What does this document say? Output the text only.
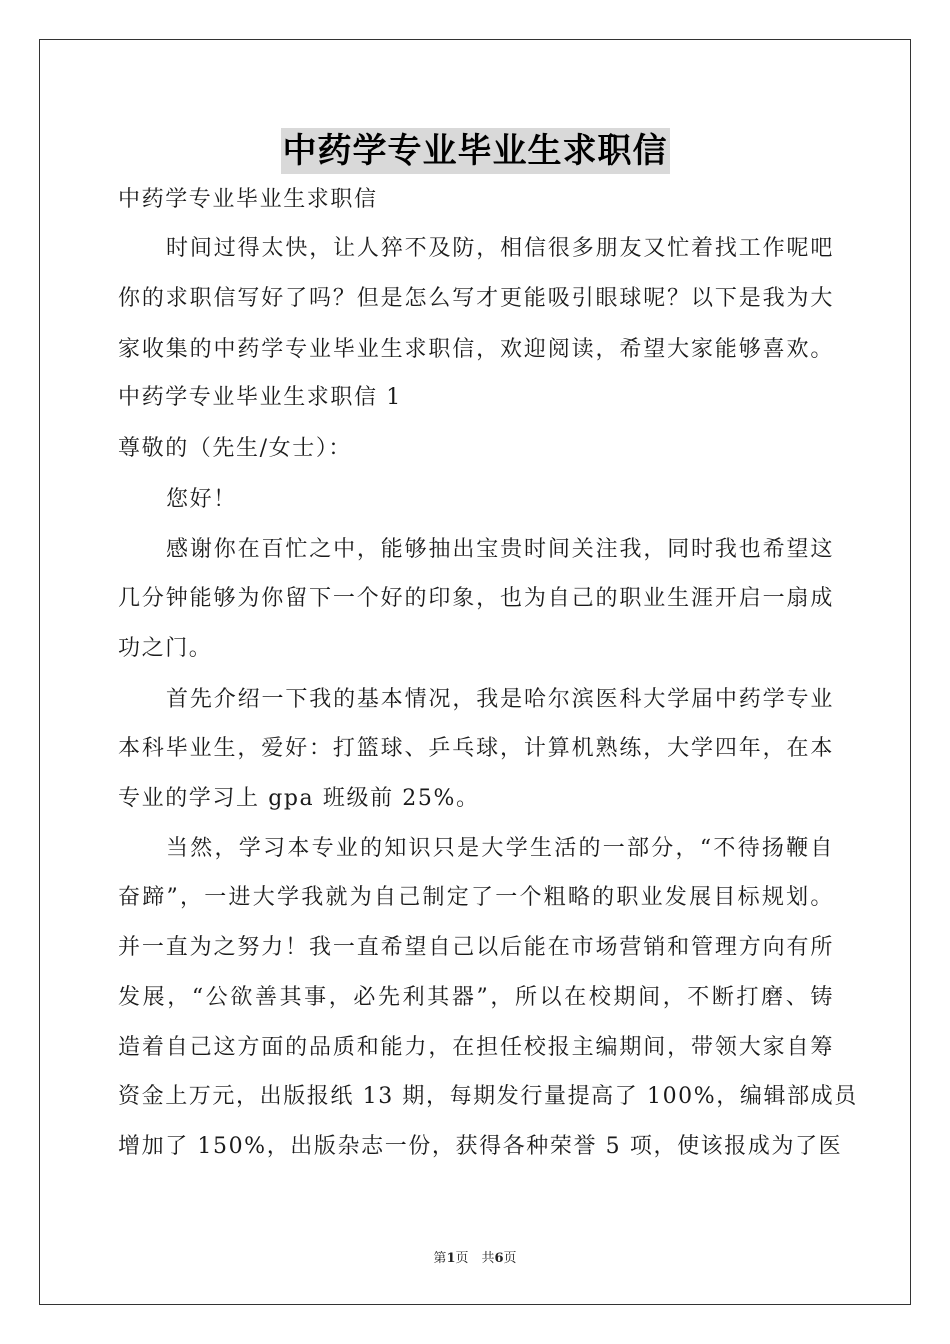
中药学专业毕业生求职信
中药学专业毕业生求职信
时间过得太快，让人猝不及防，相信很多朋友又忙着找工作呢吧
你的求职信写好了吗？但是怎么写才更能吸引眼球呢？以下是我为大
家收集的中药学专业毕业生求职信，欢迎阅读，希望大家能够喜欢。
中药学专业毕业生求职信 1
尊敬的（先生/女士）：
您好！
感谢你在百忙之中，能够抽出宝贵时间关注我，同时我也希望这
几分钟能够为你留下一个好的印象，也为自己的职业生涯开启一扇成
功之门。
首先介绍一下我的基本情况，我是哈尔滨医科大学届中药学专业
本科毕业生，爱好：打篮球、乒乓球，计算机熟练，大学四年，在本
专业的学习上 gpa 班级前 25%。
当然，学习本专业的知识只是大学生活的一部分，“不待扬鞭自
奋蹄”，一进大学我就为自己制定了一个粗略的职业发展目标规划。
并一直为之努力！我一直希望自己以后能在市场营销和管理方向有所
发展，“公欲善其事，必先利其器”，所以在校期间，不断打磨、铸
造着自己这方面的品质和能力，在担任校报主编期间，带领大家自筹
资金上万元，出版报纸 13 期，每期发行量提高了 100%，编辑部成员
增加了 150%，出版杂志一份，获得各种荣誉 5 项，使该报成为了医
第1页　共6页
